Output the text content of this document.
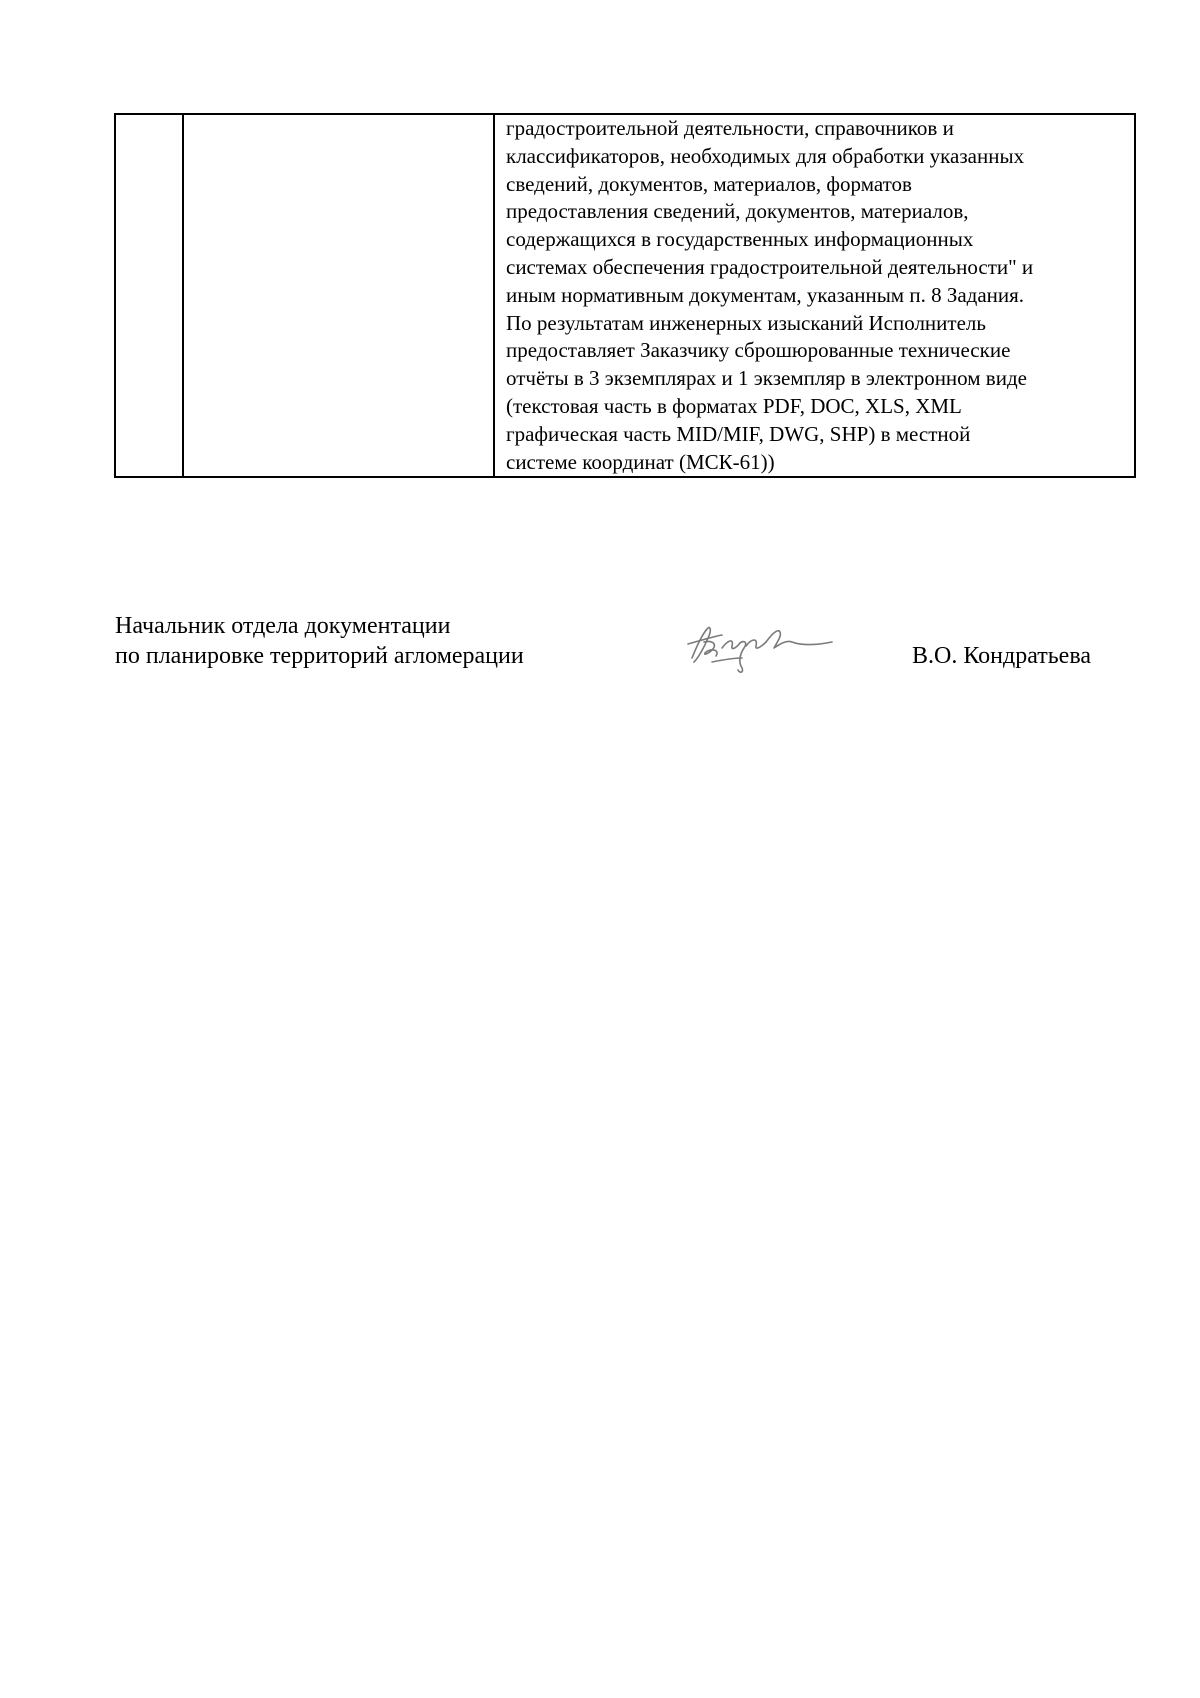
градостроительной деятельности, справочников и
классификаторов, необходимых для обработки указанных
сведений, документов, материалов, форматов
предоставления сведений, документов, материалов,
содержащихся в государственных информационных
системах обеспечения градостроительной деятельности" и
иным нормативным документам, указанным п. 8 Задания.
По результатам инженерных изысканий Исполнитель
предоставляет Заказчику сброшюрованные технические
отчёты в 3 экземплярах и 1 экземпляр в электронном виде
(текстовая часть в форматах PDF, DOC, XLS, XML
графическая часть MID/MIF, DWG, SHP) в местной
системе координат (МСК-61))
Начальник отдела документации
по планировке территорий агломерации	В.О. Кондратьева
